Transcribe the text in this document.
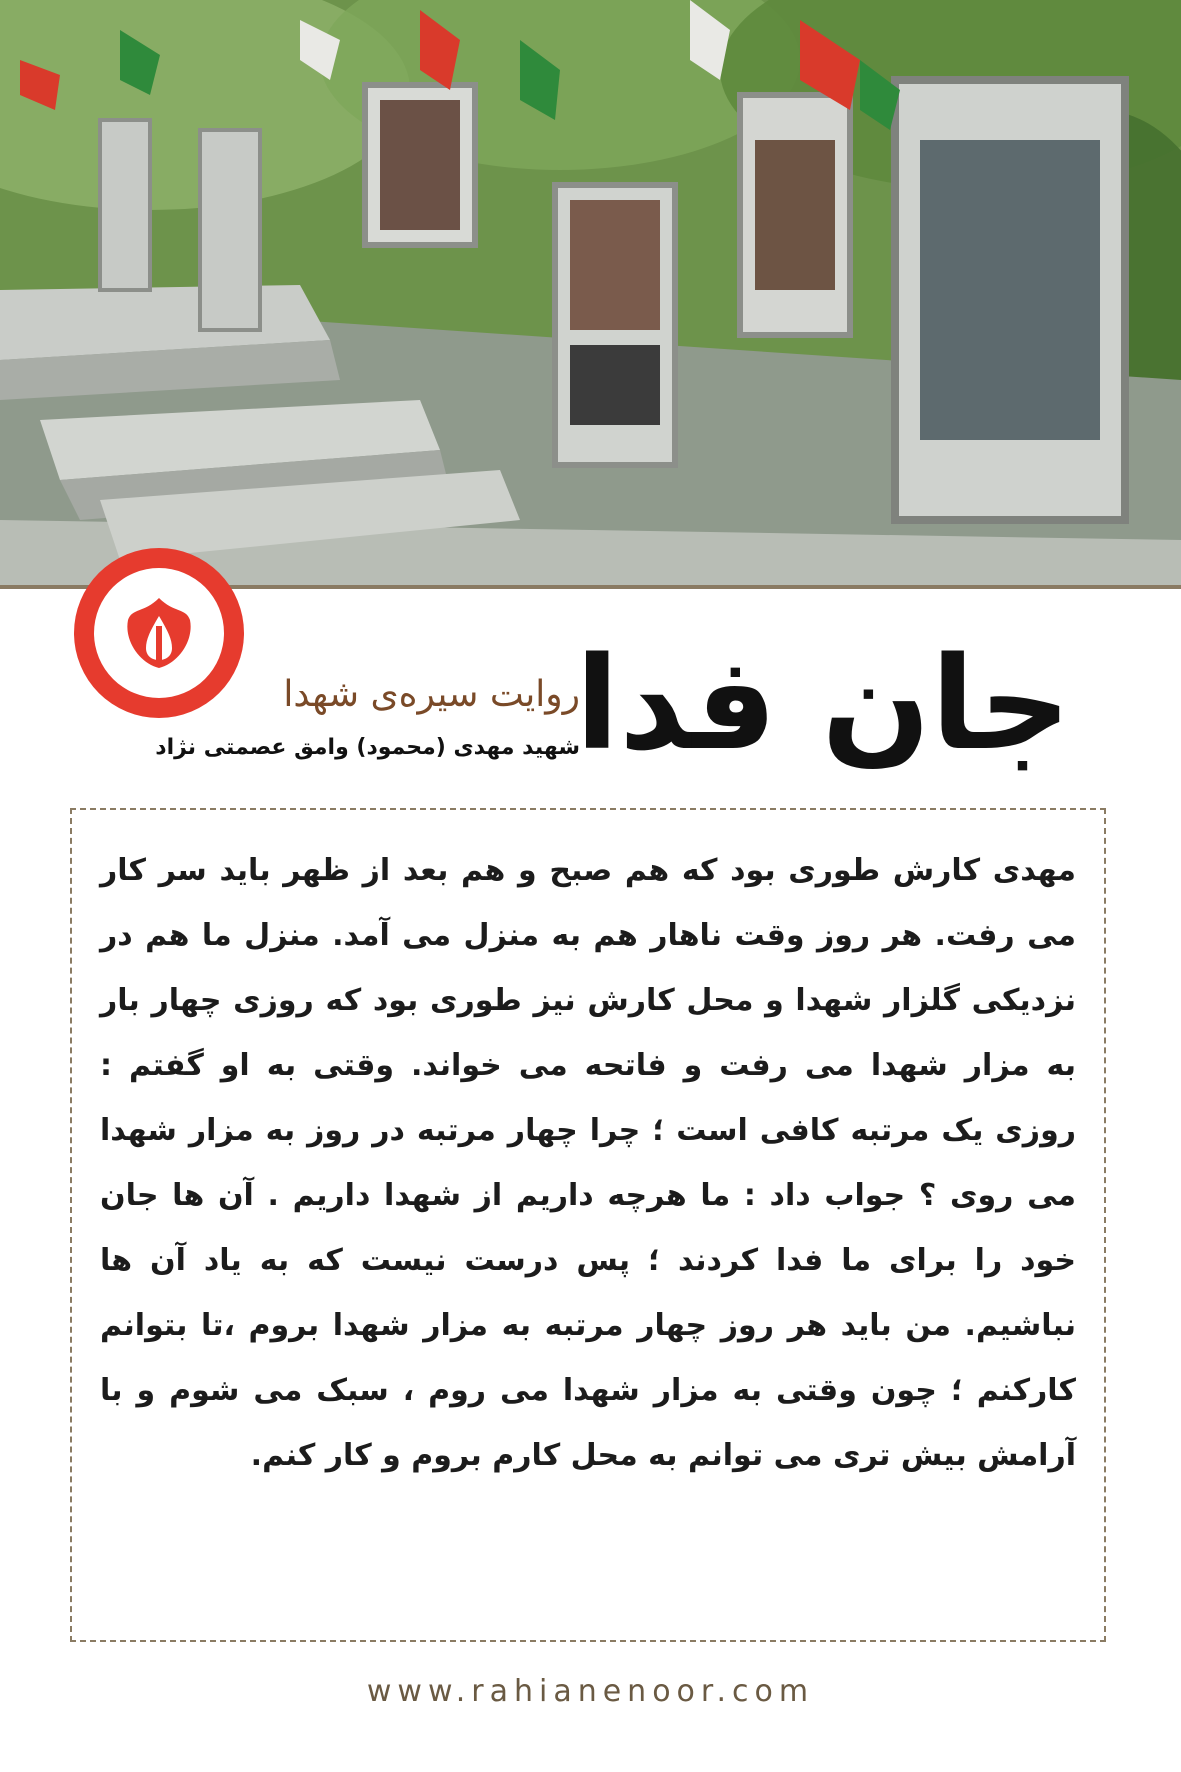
جان فدا

روایت سیره‌ی شهدا

شهید مهدی (محمود) وامق عصمتی نژاد

مهدی کارش طوری بود که هم صبح و هم بعد از ظهر باید سر کار می رفت. هر روز وقت ناهار هم به منزل می آمد. منزل ما هم در نزدیکی گلزار شهدا و محل کارش نیز طوری بود که روزی چهار بار به مزار شهدا می رفت و فاتحه می خواند. وقتی به او گفتم : روزی یک مرتبه کافی است ؛ چرا چهار مرتبه در روز به مزار شهدا می روی ؟ جواب داد : ما هرچه داریم از شهدا داریم . آن ها جان خود را برای ما فدا کردند ؛ پس درست نیست که به یاد آن ها نباشیم. من باید هر روز چهار مرتبه به مزار شهدا بروم ،تا بتوانم کارکنم ؛ چون وقتی به مزار شهدا می روم ، سبک می شوم و با آرامش بیش تری می توانم به محل کارم بروم و کار کنم.

www.rahianenoor.com
